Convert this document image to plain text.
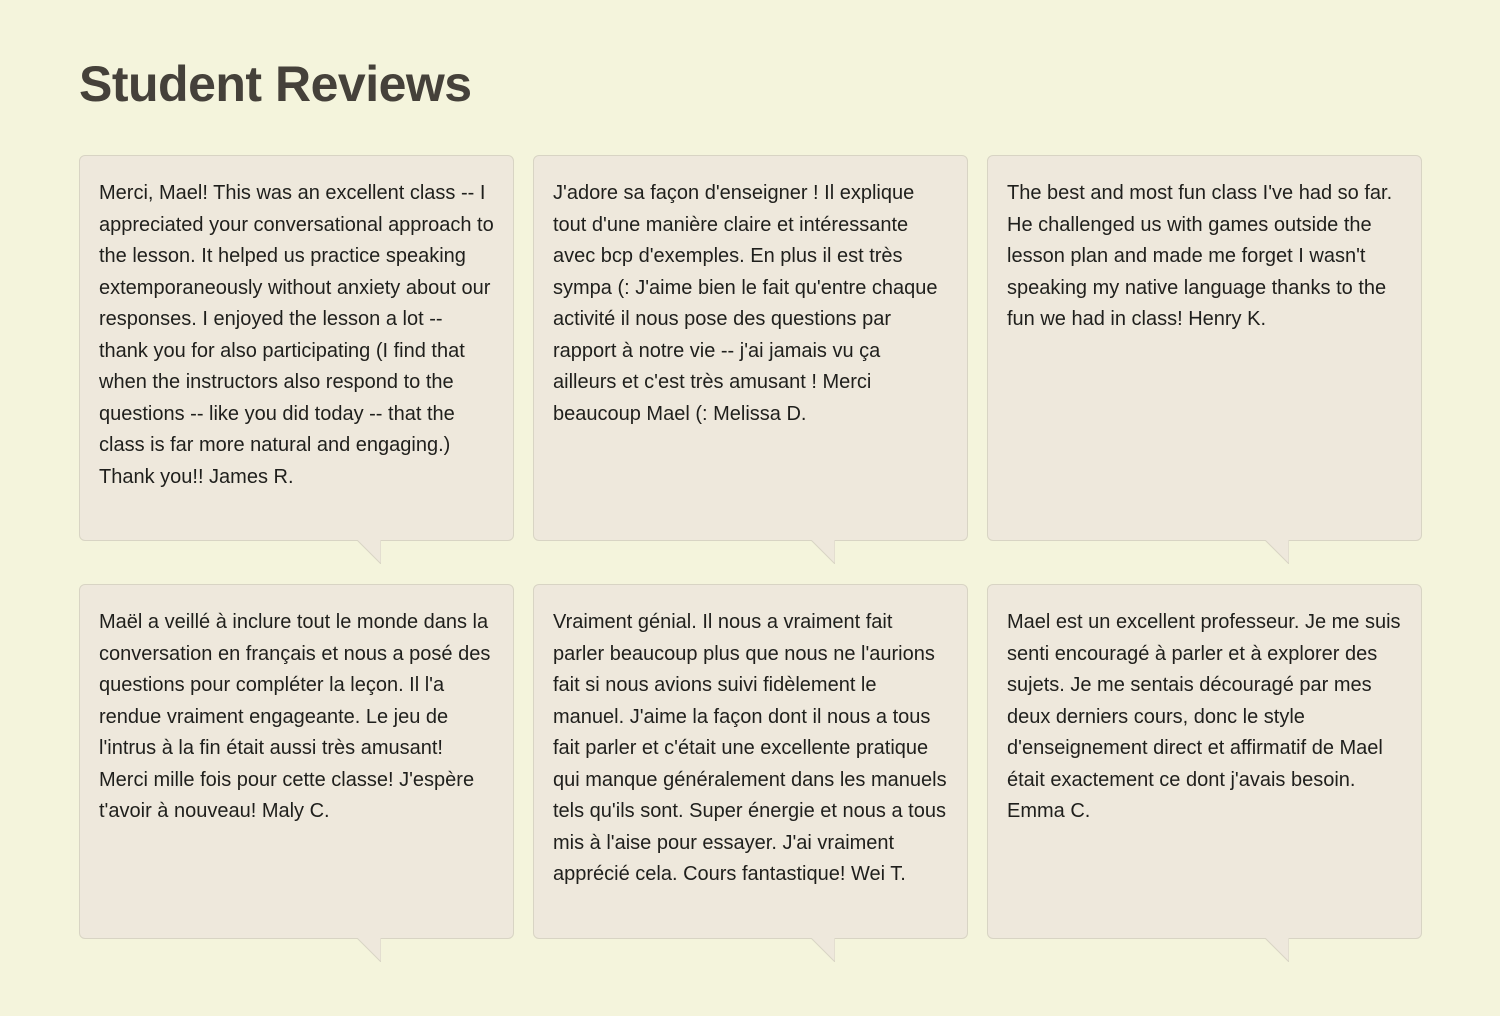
Student Reviews

Merci, Mael! This was an excellent class -- I appreciated your conversational approach to the lesson. It helped us practice speaking extemporaneously without anxiety about our responses. I enjoyed the lesson a lot -- thank you for also participating (I find that when the instructors also respond to the questions -- like you did today -- that the class is far more natural and engaging.) Thank you!! James R.

J'adore sa façon d'enseigner ! Il explique tout d'une manière claire et intéressante avec bcp d'exemples. En plus il est très sympa (: J'aime bien le fait qu'entre chaque activité il nous pose des questions par rapport à notre vie -- j'ai jamais vu ça ailleurs et c'est très amusant ! Merci beaucoup Mael (: Melissa D.

The best and most fun class I've had so far. He challenged us with games outside the lesson plan and made me forget I wasn't speaking my native language thanks to the fun we had in class! Henry K.

Maël a veillé à inclure tout le monde dans la conversation en français et nous a posé des questions pour compléter la leçon. Il l'a rendue vraiment engageante. Le jeu de l'intrus à la fin était aussi très amusant! Merci mille fois pour cette classe! J'espère t'avoir à nouveau! Maly C.

Vraiment génial. Il nous a vraiment fait parler beaucoup plus que nous ne l'aurions fait si nous avions suivi fidèlement le manuel. J'aime la façon dont il nous a tous fait parler et c'était une excellente pratique qui manque généralement dans les manuels tels qu'ils sont. Super énergie et nous a tous mis à l'aise pour essayer. J'ai vraiment apprécié cela. Cours fantastique! Wei T.

Mael est un excellent professeur. Je me suis senti encouragé à parler et à explorer des sujets. Je me sentais découragé par mes deux derniers cours, donc le style d'enseignement direct et affirmatif de Mael était exactement ce dont j'avais besoin. Emma C.
